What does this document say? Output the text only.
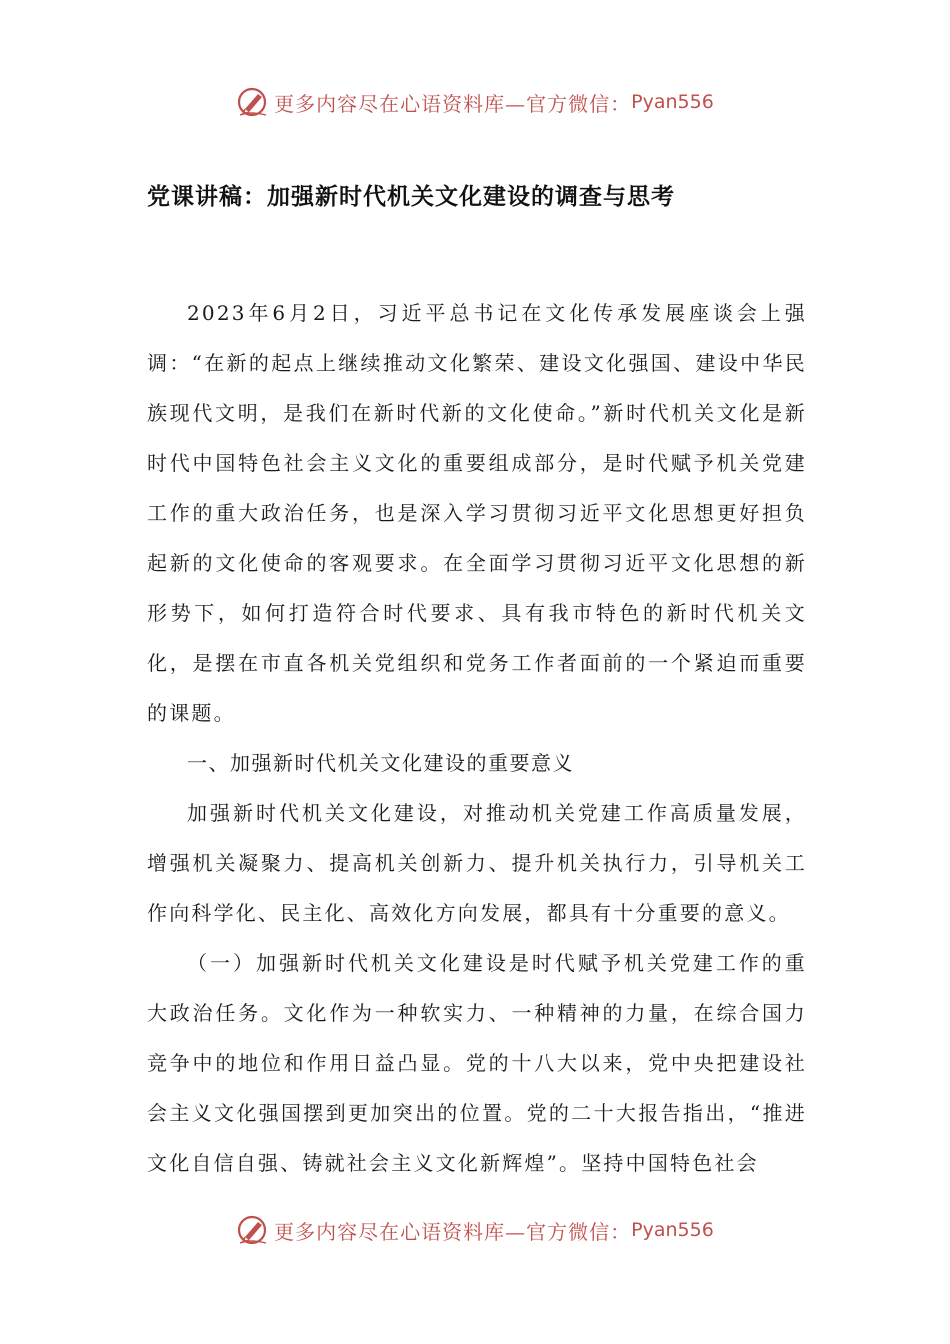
更多内容尽在心语资料库—官方微信： Pyan556
党课讲稿：加强新时代机关文化建设的调查与思考

2023年6月2日，习近平总书记在文化传承发展座谈会上强调：“在新的起点上继续推动文化繁荣、建设文化强国、建设中华民族现代文明，是我们在新时代新的文化使命。”新时代机关文化是新时代中国特色社会主义文化的重要组成部分，是时代赋予机关党建工作的重大政治任务，也是深入学习贯彻习近平文化思想更好担负起新的文化使命的客观要求。在全面学习贯彻习近平文化思想的新形势下，如何打造符合时代要求、具有我市特色的新时代机关文化，是摆在市直各机关党组织和党务工作者面前的一个紧迫而重要的课题。

一、加强新时代机关文化建设的重要意义

加强新时代机关文化建设，对推动机关党建工作高质量发展，增强机关凝聚力、提高机关创新力、提升机关执行力，引导机关工作向科学化、民主化、高效化方向发展，都具有十分重要的意义。

（一）加强新时代机关文化建设是时代赋予机关党建工作的重大政治任务。文化作为一种软实力、一种精神的力量，在综合国力竞争中的地位和作用日益凸显。党的十八大以来，党中央把建设社会主义文化强国摆到更加突出的位置。党的二十大报告指出，“推进文化自信自强、铸就社会主义文化新辉煌”。坚持中国特色社会

更多内容尽在心语资料库—官方微信： Pyan556
